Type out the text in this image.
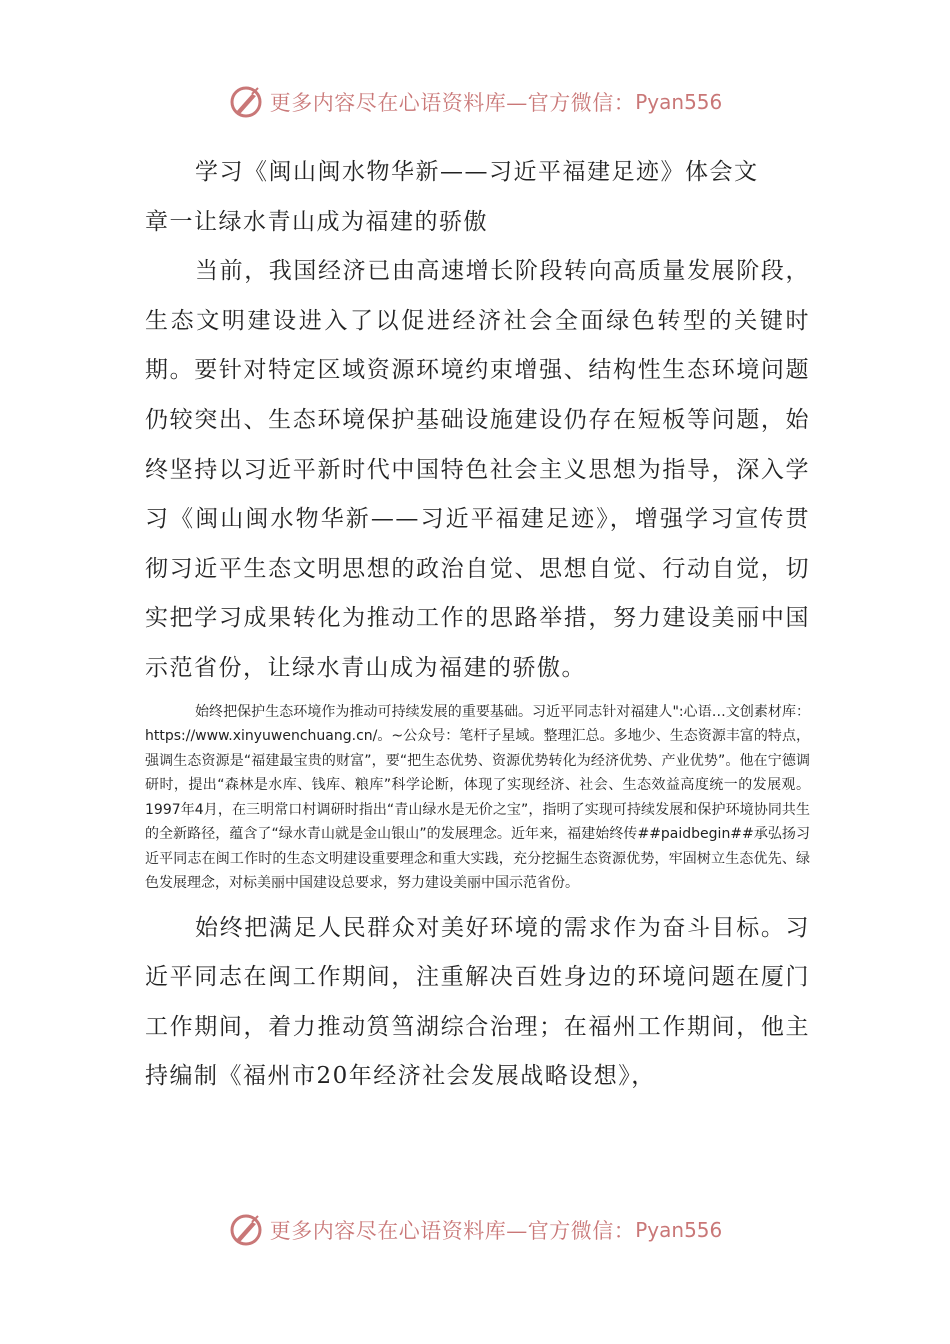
更多内容尽在心语资料库—官方微信： Pyan556

学习《闽山闽水物华新——习近平福建足迹》体会文

章一让绿水青山成为福建的骄傲

当前，我国经济已由高速增长阶段转向高质量发展阶段，生态文明建设进入了以促进经济社会全面绿色转型的关键时期。要针对特定区域资源环境约束增强、结构性生态环境问题仍较突出、生态环境保护基础设施建设仍存在短板等问题，始终坚持以习近平新时代中国特色社会主义思想为指导，深入学习《闽山闽水物华新——习近平福建足迹》，增强学习宣传贯彻习近平生态文明思想的政治自觉、思想自觉、行动自觉，切实把学习成果转化为推动工作的思路举措，努力建设美丽中国示范省份，让绿水青山成为福建的骄傲。

始终把保护生态环境作为推动可持续发展的重要基础。习近平同志针对福建人":心语…文创素材库：https://www.xinyuwenchuang.cn/。~公众号：笔杆子星域。整理汇总。多地少、生态资源丰富的特点，强调生态资源是“福建最宝贵的财富”，要“把生态优势、资源优势转化为经济优势、产业优势”。他在宁德调研时，提出“森林是水库、钱库、粮库”科学论断，体现了实现经济、社会、生态效益高度统一的发展观。1997年4月，在三明常口村调研时指出“青山绿水是无价之宝”，指明了实现可持续发展和保护环境协同共生的全新路径，蕴含了“绿水青山就是金山银山”的发展理念。近年来，福建始终传##paidbegin##承弘扬习近平同志在闽工作时的生态文明建设重要理念和重大实践，充分挖掘生态资源优势，牢固树立生态优先、绿色发展理念，对标美丽中国建设总要求，努力建设美丽中国示范省份。

始终把满足人民群众对美好环境的需求作为奋斗目标。习近平同志在闽工作期间，注重解决百姓身边的环境问题在厦门工作期间，着力推动筼筜湖综合治理；在福州工作期间，他主持编制《福州市20年经济社会发展战略设想》，

更多内容尽在心语资料库—官方微信： Pyan556
